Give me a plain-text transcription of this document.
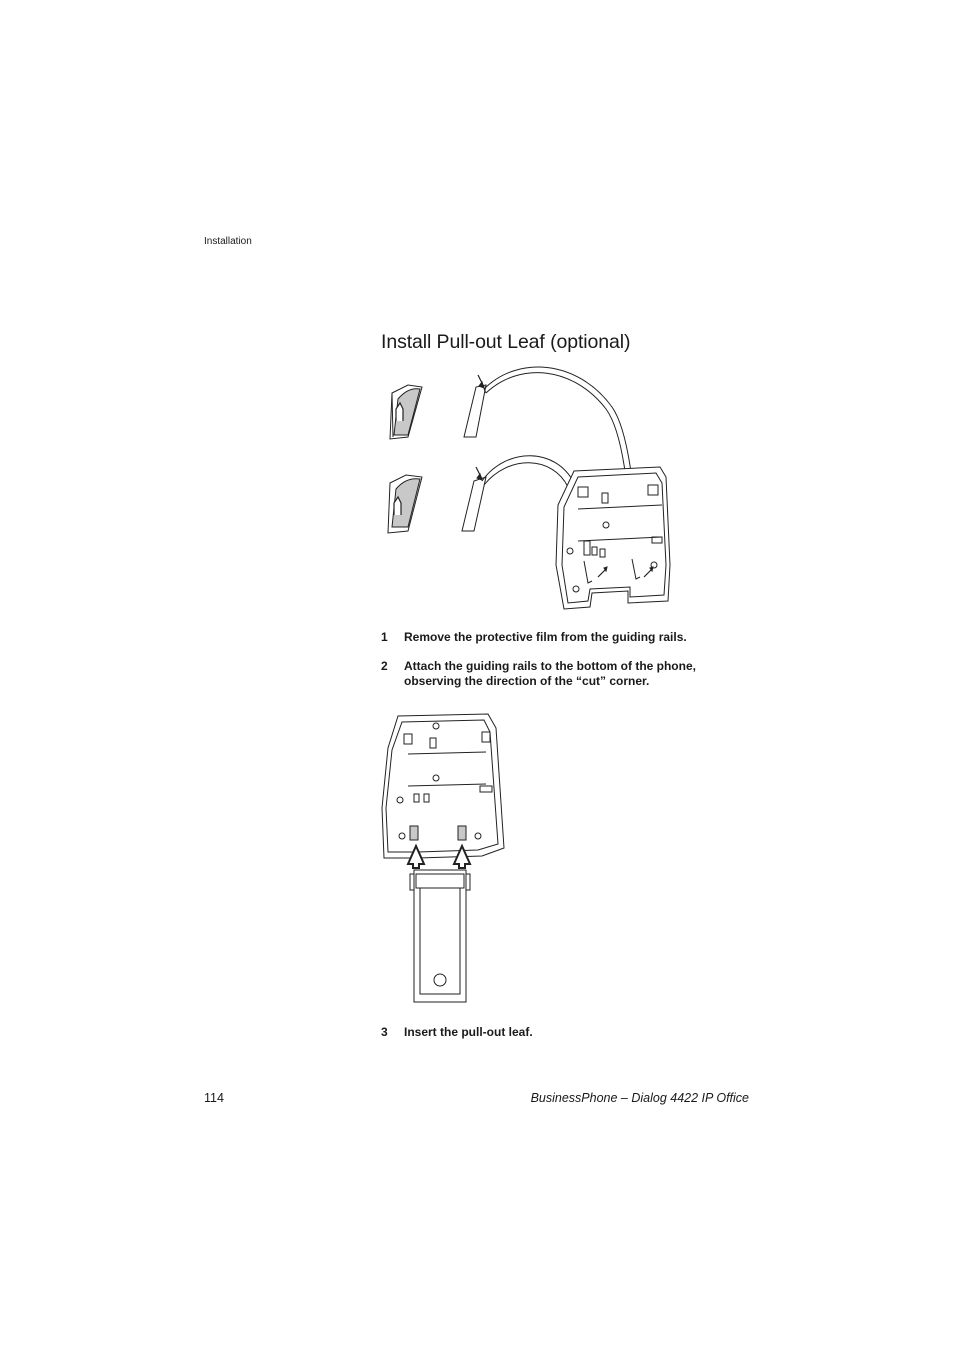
Installation
Install Pull-out Leaf (optional)
1 Remove the protective film from the guiding rails.
2 Attach the guiding rails to the bottom of the phone, observing the direction of the “cut” corner.
3 Insert the pull-out leaf.
114	BusinessPhone – Dialog 4422 IP Office
